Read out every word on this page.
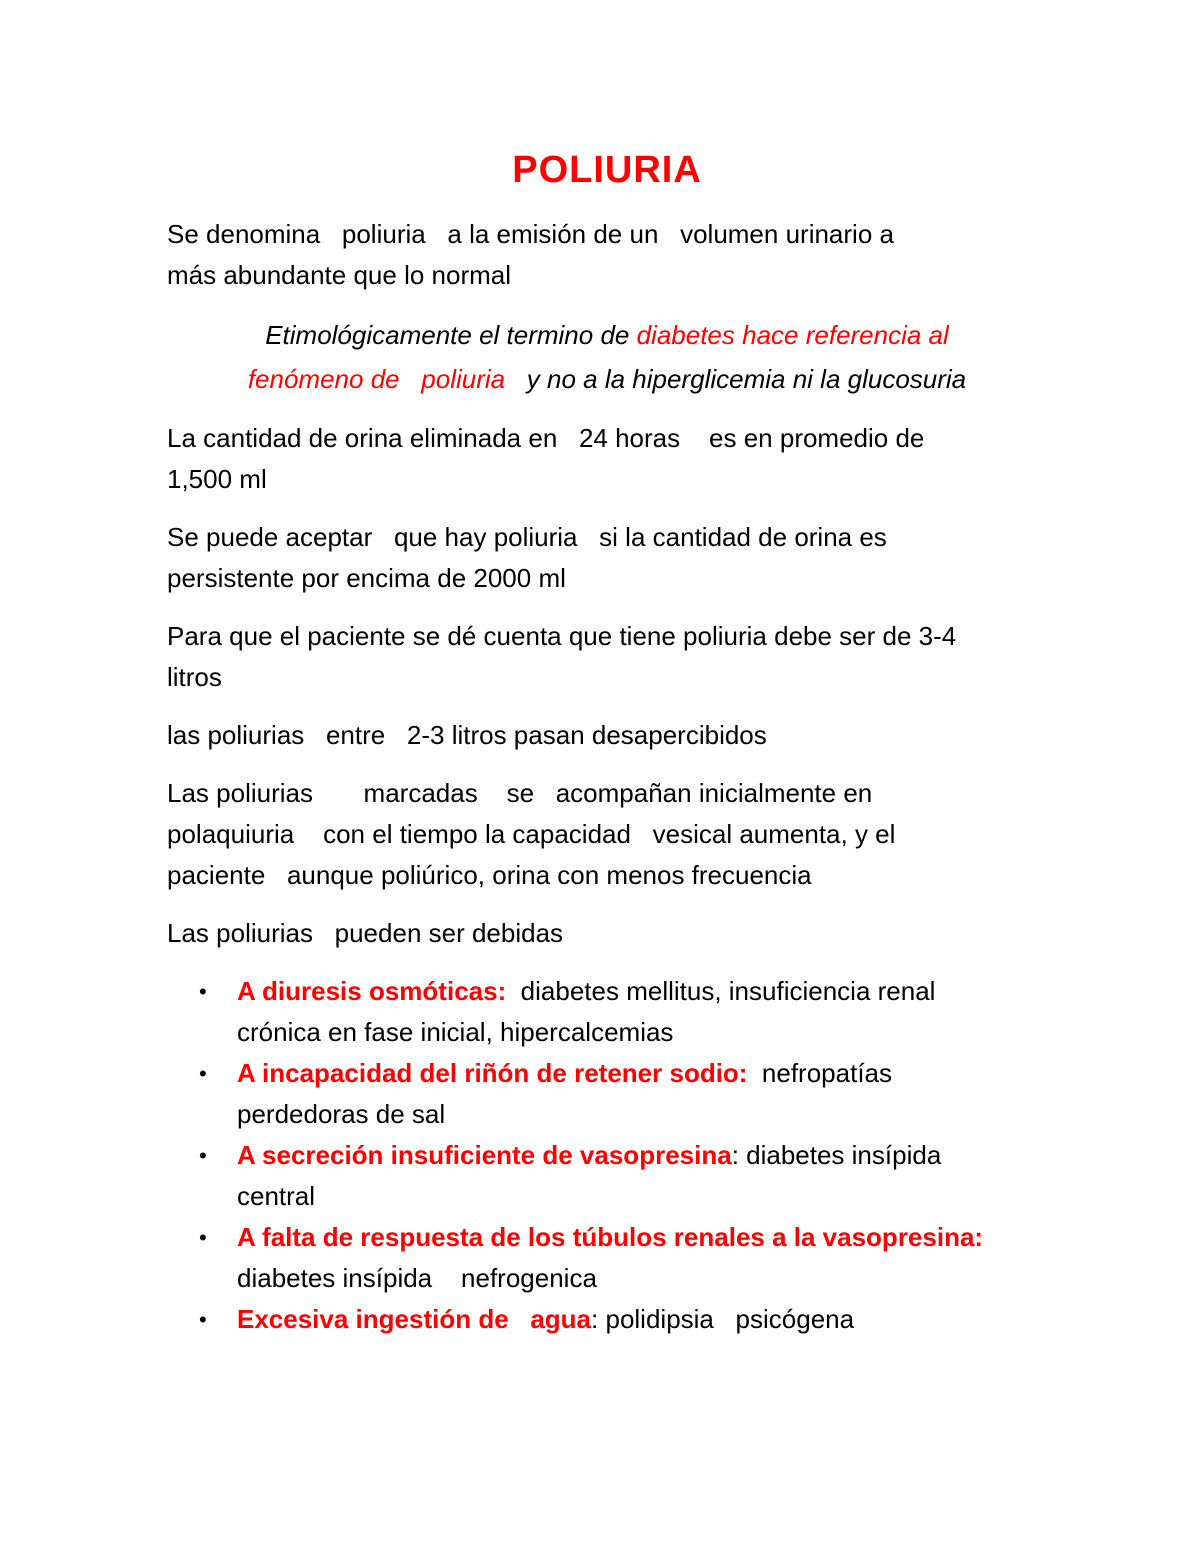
POLIURIA

Se denomina   poliuria   a la emisión de un   volumen urinario a
más abundante que lo normal

Etimológicamente el termino de diabetes hace referencia al
fenómeno de   poliuria   y no a la hiperglicemia ni la glucosuria

La cantidad de orina eliminada en   24 horas    es en promedio de
1,500 ml

Se puede aceptar   que hay poliuria   si la cantidad de orina es
persistente por encima de 2000 ml

Para que el paciente se dé cuenta que tiene poliuria debe ser de 3-4
litros

las poliurias   entre   2-3 litros pasan desapercibidos

Las poliurias       marcadas    se   acompañan inicialmente en
polaquiuria    con el tiempo la capacidad   vesical aumenta, y el
paciente   aunque poliúrico, orina con menos frecuencia

Las poliurias   pueden ser debidas

• A diuresis osmóticas:  diabetes mellitus, insuficiencia renal
crónica en fase inicial, hipercalcemias
• A incapacidad del riñón de retener sodio:  nefropatías
perdedoras de sal
• A secreción insuficiente de vasopresina: diabetes insípida
central
• A falta de respuesta de los túbulos renales a la vasopresina:
diabetes insípida    nefrogenica
• Excesiva ingestión de   agua: polidipsia   psicógena
